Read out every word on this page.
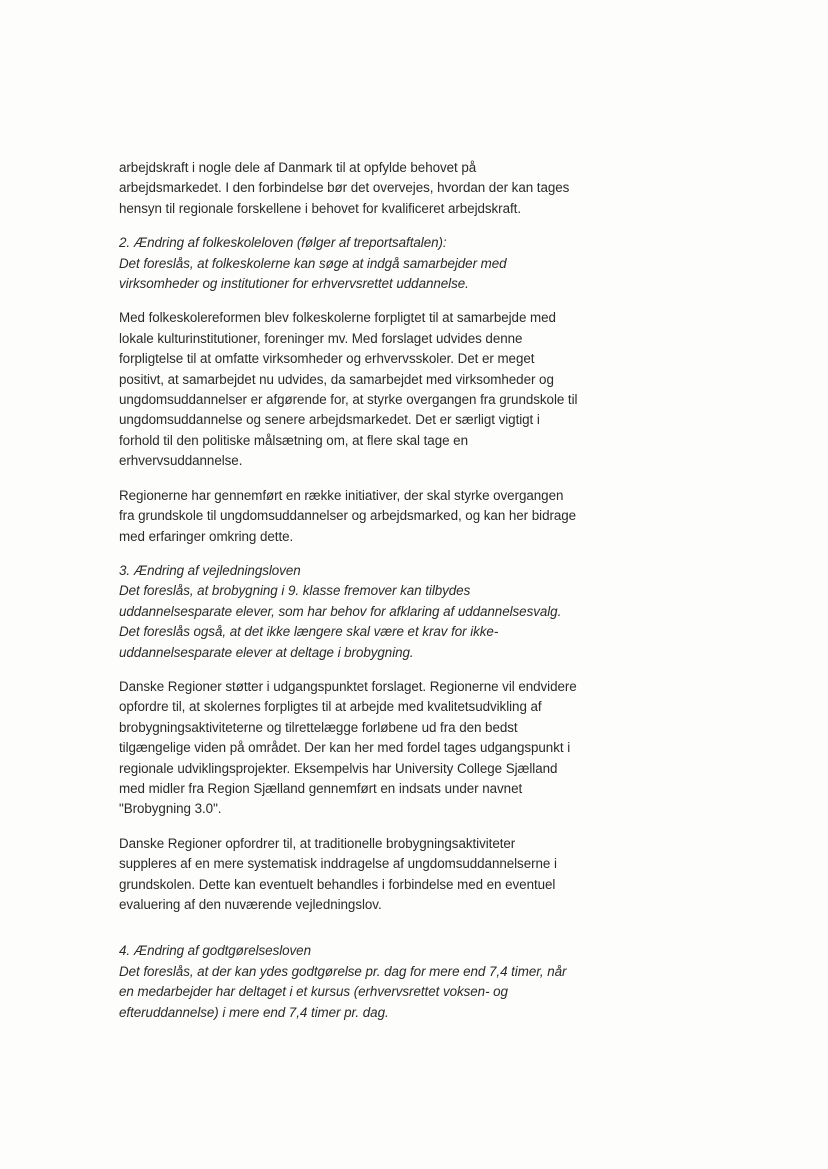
arbejdskraft i nogle dele af Danmark til at opfylde behovet på
arbejdsmarkedet. I den forbindelse bør det overvejes, hvordan der kan tages
hensyn til regionale forskellene i behovet for kvalificeret arbejdskraft.
2. Ændring af folkeskoleloven (følger af treportsaftalen):
Det foreslås, at folkeskolerne kan søge at indgå samarbejder med
virksomheder og institutioner for erhvervsrettet uddannelse.
Med folkeskolereformen blev folkeskolerne forpligtet til at samarbejde med
lokale kulturinstitutioner, foreninger mv. Med forslaget udvides denne
forpligtelse til at omfatte virksomheder og erhvervsskoler. Det er meget
positivt, at samarbejdet nu udvides, da samarbejdet med virksomheder og
ungdomsuddannelser er afgørende for, at styrke overgangen fra grundskole til
ungdomsuddannelse og senere arbejdsmarkedet. Det er særligt vigtigt i
forhold til den politiske målsætning om, at flere skal tage en
erhvervsuddannelse.
Regionerne har gennemført en række initiativer, der skal styrke overgangen
fra grundskole til ungdomsuddannelser og arbejdsmarked, og kan her bidrage
med erfaringer omkring dette.
3. Ændring af vejledningsloven
Det foreslås, at brobygning i 9. klasse fremover kan tilbydes
uddannelsesparate elever, som har behov for afklaring af uddannelsesvalg.
Det foreslås også, at det ikke længere skal være et krav for ikke-
uddannelsesparate elever at deltage i brobygning.
Danske Regioner støtter i udgangspunktet forslaget. Regionerne vil endvidere
opfordre til, at skolernes forpligtes til at arbejde med kvalitetsudvikling af
brobygningsaktiviteterne og tilrettelægge forløbene ud fra den bedst
tilgængelige viden på området. Der kan her med fordel tages udgangspunkt i
regionale udviklingsprojekter. Eksempelvis har University College Sjælland
med midler fra Region Sjælland gennemført en indsats under navnet
"Brobygning 3.0".
Danske Regioner opfordrer til, at traditionelle brobygningsaktiviteter
suppleres af en mere systematisk inddragelse af ungdomsuddannelserne i
grundskolen. Dette kan eventuelt behandles i forbindelse med en eventuel
evaluering af den nuværende vejledningslov.
4. Ændring af godtgørelsesloven
Det foreslås, at der kan ydes godtgørelse pr. dag for mere end 7,4 timer, når
en medarbejder har deltaget i et kursus (erhvervsrettet voksen- og
efteruddannelse) i mere end 7,4 timer pr. dag.
